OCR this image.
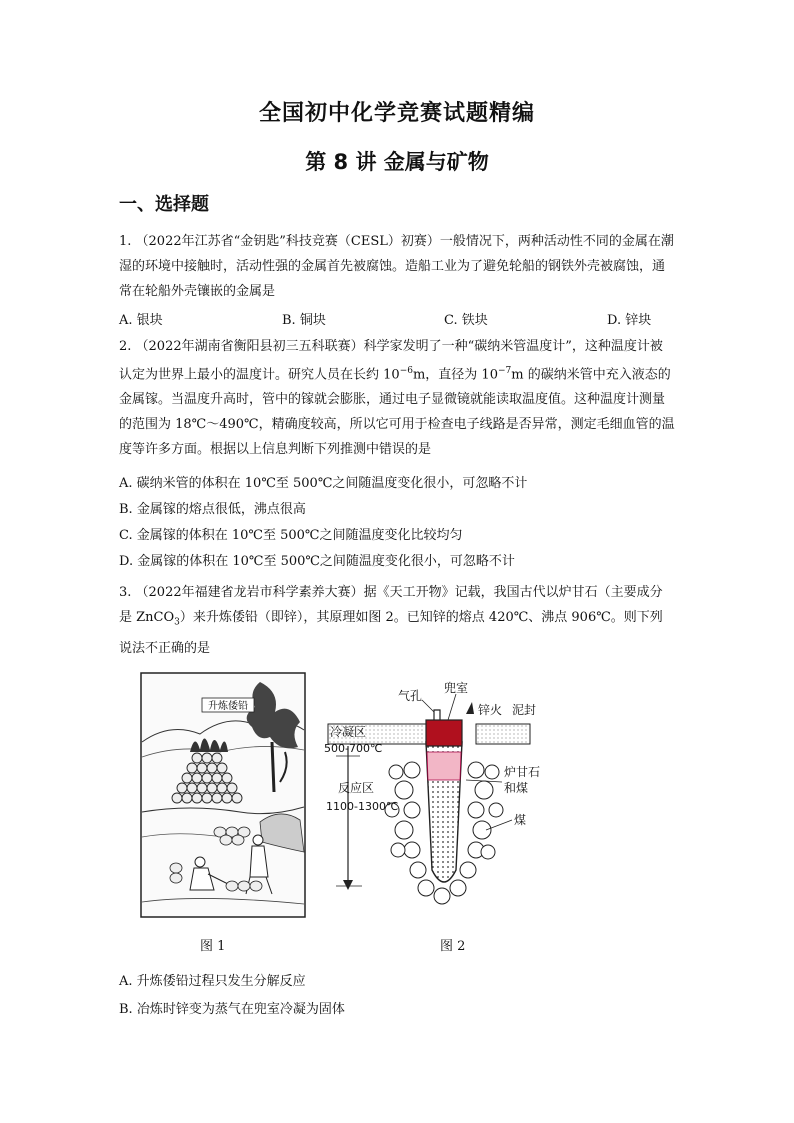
全国初中化学竞赛试题精编
第 8 讲 金属与矿物
一、选择题

1. （2022年江苏省“金钥匙”科技竞赛（CESL）初赛）一般情况下，两种活动性不同的金属在潮湿的环境中接触时，活动性强的金属首先被腐蚀。造船工业为了避免轮船的钢铁外壳被腐蚀，通常在轮船外壳镶嵌的金属是

A. 银块	B. 铜块	C. 铁块	D. 锌块

2. （2022年湖南省衡阳县初三五科联赛）科学家发明了一种“碳纳米管温度计”，这种温度计被认定为世界上最小的温度计。研究人员在长约 $10^{-6}m$，直径为 $10^{-7}m$ 的碳纳米管中充入液态的金属镓。当温度升高时，管中的镓就会膨胀，通过电子显微镜就能读取温度值。这种温度计测量的范围为 18℃～490℃，精确度较高，所以它可用于检查电子线路是否异常，测定毛细血管的温度等许多方面。根据以上信息判断下列推测中错误的是

A. 碳纳米管的体积在 10℃至 500℃之间随温度变化很小，可忽略不计
B. 金属镓的熔点很低，沸点很高
C. 金属镓的体积在 10℃至 500℃之间随温度变化比较均匀
D. 金属镓的体积在 10℃至 500℃之间随温度变化很小，可忽略不计

3. （2022年福建省龙岩市科学素养大赛）据《天工开物》记载，我国古代以炉甘石（主要成分是 ZnCO$_3$）来升炼倭铅（即锌），其原理如图 2。已知锌的熔点 420℃、沸点 906℃。则下列说法不正确的是

升炼倭铅
图 1
气孔
兜室
锌火 泥封
冷凝区
500-700℃
反应区
1100-1300℃
炉甘石
和煤
煤
图 2
A. 升炼倭铅过程只发生分解反应
B. 冶炼时锌变为蒸气在兜室冷凝为固体
